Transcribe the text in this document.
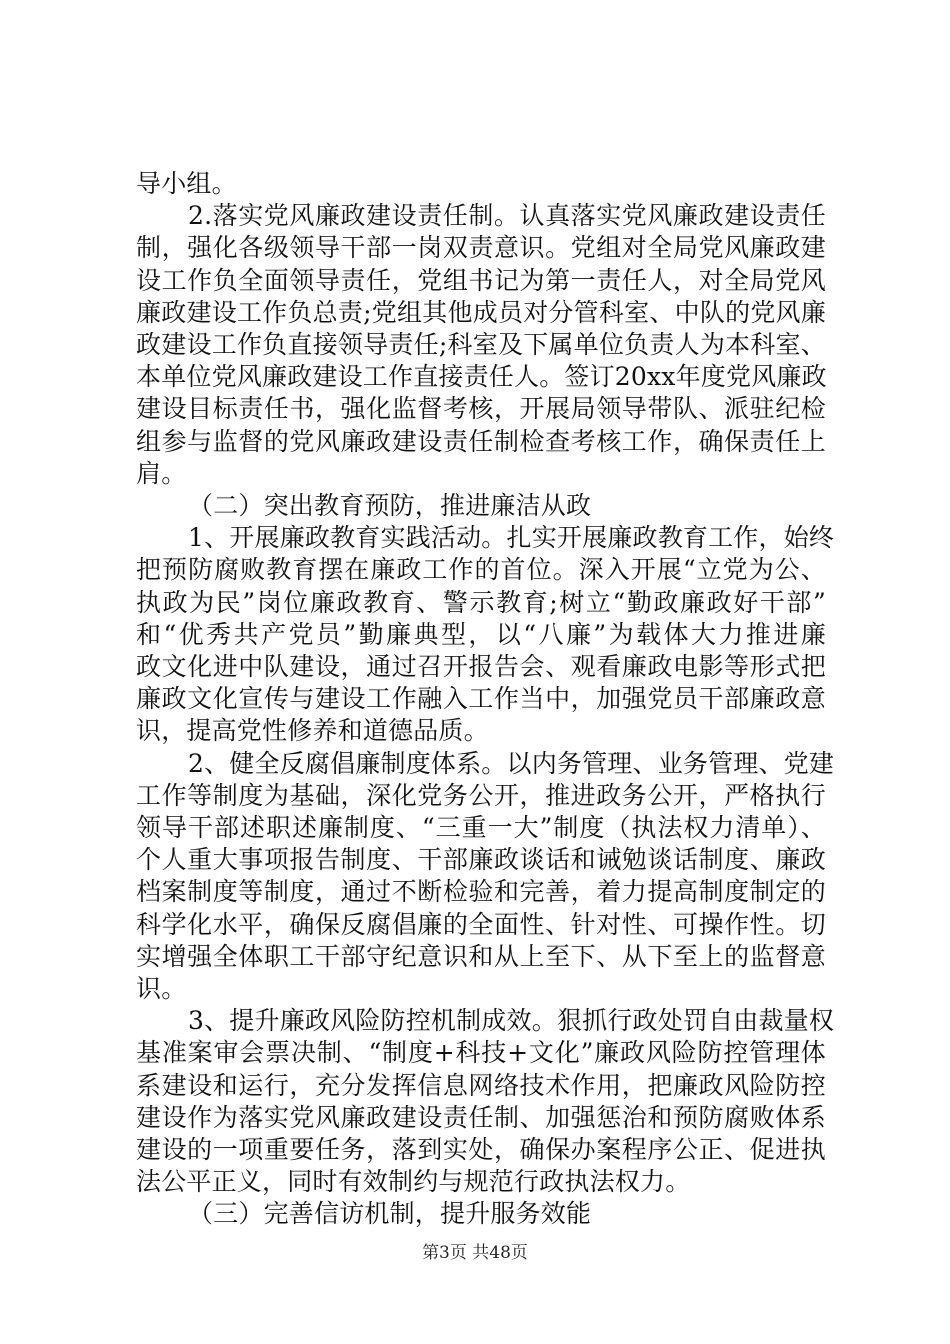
导小组。
2.落实党风廉政建设责任制。认真落实党风廉政建设责任
制，强化各级领导干部一岗双责意识。党组对全局党风廉政建
设工作负全面领导责任，党组书记为第一责任人，对全局党风
廉政建设工作负总责;党组其他成员对分管科室、中队的党风廉
政建设工作负直接领导责任;科室及下属单位负责人为本科室、
本单位党风廉政建设工作直接责任人。签订20xx年度党风廉政
建设目标责任书，强化监督考核，开展局领导带队、派驻纪检
组参与监督的党风廉政建设责任制检查考核工作，确保责任上
肩。
（二）突出教育预防，推进廉洁从政
1、开展廉政教育实践活动。扎实开展廉政教育工作，始终
把预防腐败教育摆在廉政工作的首位。深入开展“立党为公、
执政为民”岗位廉政教育、警示教育;树立“勤政廉政好干部”
和“优秀共产党员”勤廉典型，以“八廉”为载体大力推进廉
政文化进中队建设，通过召开报告会、观看廉政电影等形式把
廉政文化宣传与建设工作融入工作当中，加强党员干部廉政意
识，提高党性修养和道德品质。
2、健全反腐倡廉制度体系。以内务管理、业务管理、党建
工作等制度为基础，深化党务公开，推进政务公开，严格执行
领导干部述职述廉制度、“三重一大”制度（执法权力清单）、
个人重大事项报告制度、干部廉政谈话和诫勉谈话制度、廉政
档案制度等制度，通过不断检验和完善，着力提高制度制定的
科学化水平，确保反腐倡廉的全面性、针对性、可操作性。切
实增强全体职工干部守纪意识和从上至下、从下至上的监督意
识。
3、提升廉政风险防控机制成效。狠抓行政处罚自由裁量权
基准案审会票决制、“制度+科技+文化”廉政风险防控管理体
系建设和运行，充分发挥信息网络技术作用，把廉政风险防控
建设作为落实党风廉政建设责任制、加强惩治和预防腐败体系
建设的一项重要任务，落到实处，确保办案程序公正、促进执
法公平正义，同时有效制约与规范行政执法权力。
（三）完善信访机制，提升服务效能
第3页 共48页
